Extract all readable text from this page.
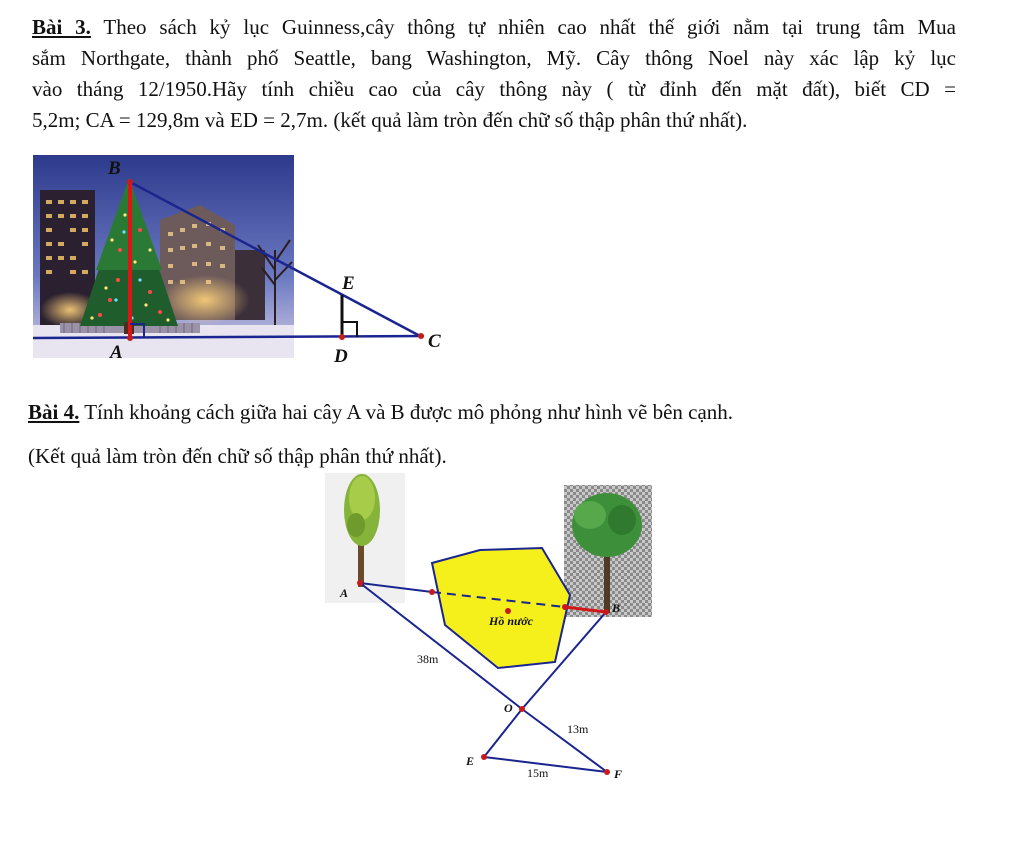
Bài 3. Theo sách kỷ lục Guinness,cây thông tự nhiên cao nhất thế giới nằm tại trung tâm Mua
sắm Northgate, thành phố Seattle, bang Washington, Mỹ. Cây thông Noel này xác lập kỷ lục
vào tháng 12/1950.Hãy tính chiều cao của cây thông này ( từ đỉnh đến mặt đất), biết CD =
5,2m; CA = 129,8m và ED = 2,7m. (kết quả làm tròn đến chữ số thập phân thứ nhất).
B
E
C
A	D

Bài 4. Tính khoảng cách giữa hai cây A và B được mô phỏng như hình vẽ bên cạnh.

(Kết quả làm tròn đến chữ số thập phân thứ nhất).

A
B
O
E
F
Hồ nước
38m
13m
15m
